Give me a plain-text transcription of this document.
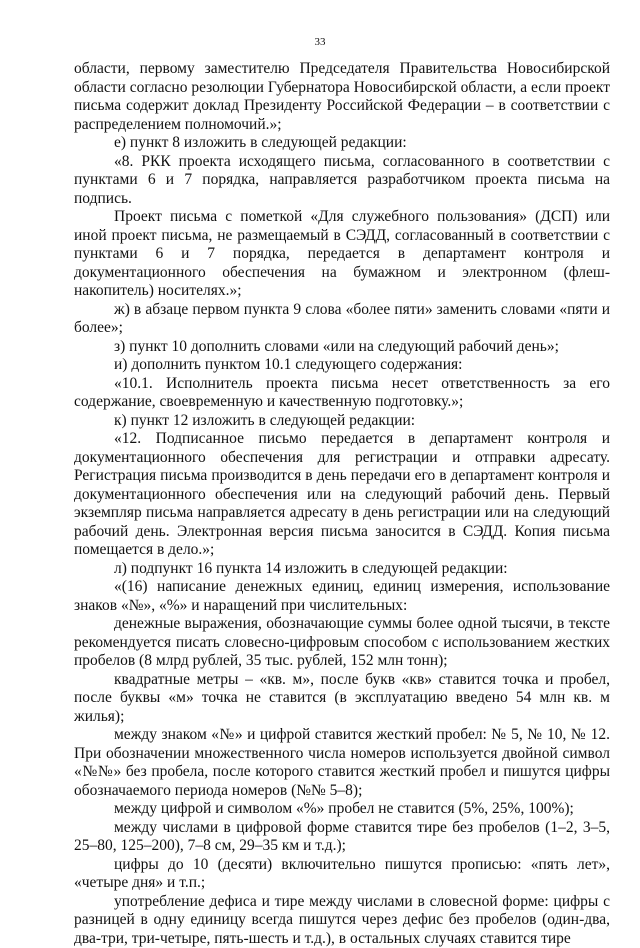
33

области, первому заместителю Председателя Правительства Новосибирской области согласно резолюции Губернатора Новосибирской области, а если проект письма содержит доклад Президенту Российской Федерации – в соответствии с распределением полномочий.»;

е) пункт 8 изложить в следующей редакции:

«8. РКК проекта исходящего письма, согласованного в соответствии с пунктами 6 и 7 порядка, направляется разработчиком проекта письма на подпись.

Проект письма с пометкой «Для служебного пользования» (ДСП) или иной проект письма, не размещаемый в СЭДД, согласованный в соответствии с пунктами 6 и 7 порядка, передается в департамент контроля и документационного обеспечения на бумажном и электронном (флеш-накопитель) носителях.»;

ж) в абзаце первом пункта 9 слова «более пяти» заменить словами «пяти и более»;

з) пункт 10 дополнить словами «или на следующий рабочий день»;

и) дополнить пунктом 10.1 следующего содержания:

«10.1. Исполнитель проекта письма несет ответственность за его содержание, своевременную и качественную подготовку.»;

к) пункт 12 изложить в следующей редакции:

«12. Подписанное письмо передается в департамент контроля и документационного обеспечения для регистрации и отправки адресату. Регистрация письма производится в день передачи его в департамент контроля и документационного обеспечения или на следующий рабочий день. Первый экземпляр письма направляется адресату в день регистрации или на следующий рабочий день. Электронная версия письма заносится в СЭДД. Копия письма помещается в дело.»;

л) подпункт 16 пункта 14 изложить в следующей редакции:

«(16) написание денежных единиц, единиц измерения, использование знаков «№», «%» и наращений при числительных:

денежные выражения, обозначающие суммы более одной тысячи, в тексте рекомендуется писать словесно-цифровым способом с использованием жестких пробелов (8 млрд рублей, 35 тыс. рублей, 152 млн тонн);

квадратные метры – «кв. м», после букв «кв» ставится точка и пробел, после буквы «м» точка не ставится (в эксплуатацию введено 54 млн кв. м жилья);

между знаком «№» и цифрой ставится жесткий пробел: № 5, № 10, № 12. При обозначении множественного числа номеров используется двойной символ «№№» без пробела, после которого ставится жесткий пробел и пишутся цифры обозначаемого периода номеров (№№ 5–8);

между цифрой и символом «%» пробел не ставится (5%, 25%, 100%);

между числами в цифровой форме ставится тире без пробелов (1–2, 3–5, 25–80, 125–200), 7–8 см, 29–35 км и т.д.);

цифры до 10 (десяти) включительно пишутся прописью: «пять лет», «четыре дня» и т.п.;

употребление дефиса и тире между числами в словесной форме: цифры с разницей в одну единицу всегда пишутся через дефис без пробелов (один-два, два-три, три-четыре, пять-шесть и т.д.), в остальных случаях ставится тире
